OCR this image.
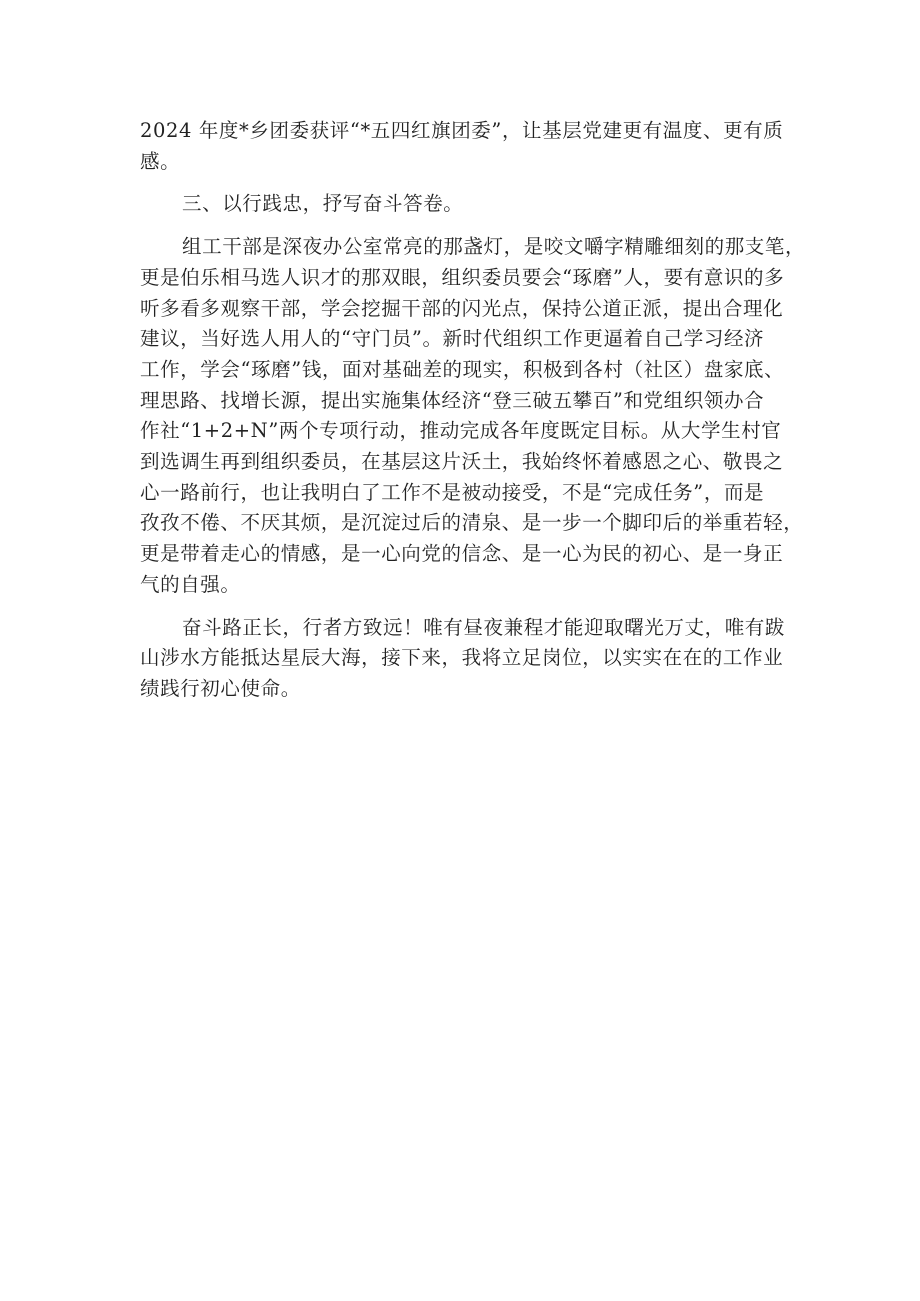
2024 年度*乡团委获评“*五四红旗团委”，让基层党建更有温度、更有质
感。
三、以行践忠，抒写奋斗答卷。
组工干部是深夜办公室常亮的那盏灯，是咬文嚼字精雕细刻的那支笔，
更是伯乐相马选人识才的那双眼，组织委员要会“琢磨”人，要有意识的多
听多看多观察干部，学会挖掘干部的闪光点，保持公道正派，提出合理化
建议，当好选人用人的“守门员”。新时代组织工作更逼着自己学习经济
工作，学会“琢磨”钱，面对基础差的现实，积极到各村（社区）盘家底、
理思路、找增长源，提出实施集体经济“登三破五攀百”和党组织领办合
作社“1+2+N”两个专项行动，推动完成各年度既定目标。从大学生村官
到选调生再到组织委员，在基层这片沃土，我始终怀着感恩之心、敬畏之
心一路前行，也让我明白了工作不是被动接受，不是“完成任务”，而是
孜孜不倦、不厌其烦，是沉淀过后的清泉、是一步一个脚印后的举重若轻，
更是带着走心的情感，是一心向党的信念、是一心为民的初心、是一身正
气的自强。
奋斗路正长，行者方致远！唯有昼夜兼程才能迎取曙光万丈，唯有跋
山涉水方能抵达星辰大海，接下来，我将立足岗位，以实实在在的工作业
绩践行初心使命。
